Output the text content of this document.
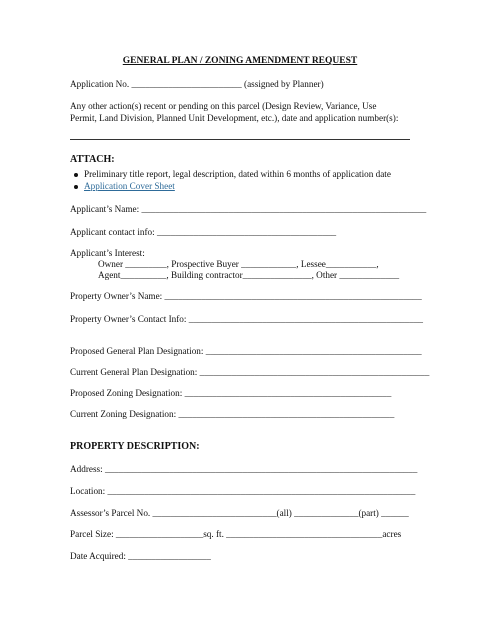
GENERAL PLAN / ZONING AMENDMENT REQUEST
Application No. ________________________ (assigned by Planner)
Any other action(s) recent or pending on this parcel (Design Review, Variance, Use
Permit, Land Division, Planned Unit Development, etc.), date and application number(s):
ATTACH:
Preliminary title report, legal description, dated within 6 months of application date
Application Cover Sheet
Applicant’s Name: ______________________________________________________________
Applicant contact info: _______________________________________
Applicant’s Interest:
Owner _________, Prospective Buyer ____________, Lessee___________,
Agent__________, Building contractor_______________, Other _____________
Property Owner’s Name: ________________________________________________________
Property Owner’s Contact Info: ___________________________________________________
Proposed General Plan Designation: _______________________________________________
Current General Plan Designation: __________________________________________________
Proposed Zoning Designation: _____________________________________________
Current Zoning Designation: _______________________________________________
PROPERTY DESCRIPTION:
Address: ____________________________________________________________________
Location: ___________________________________________________________________
Assessor’s Parcel No. ___________________________(all) ______________(part) ______
Parcel Size: ___________________sq. ft. __________________________________acres
Date Acquired: __________________
